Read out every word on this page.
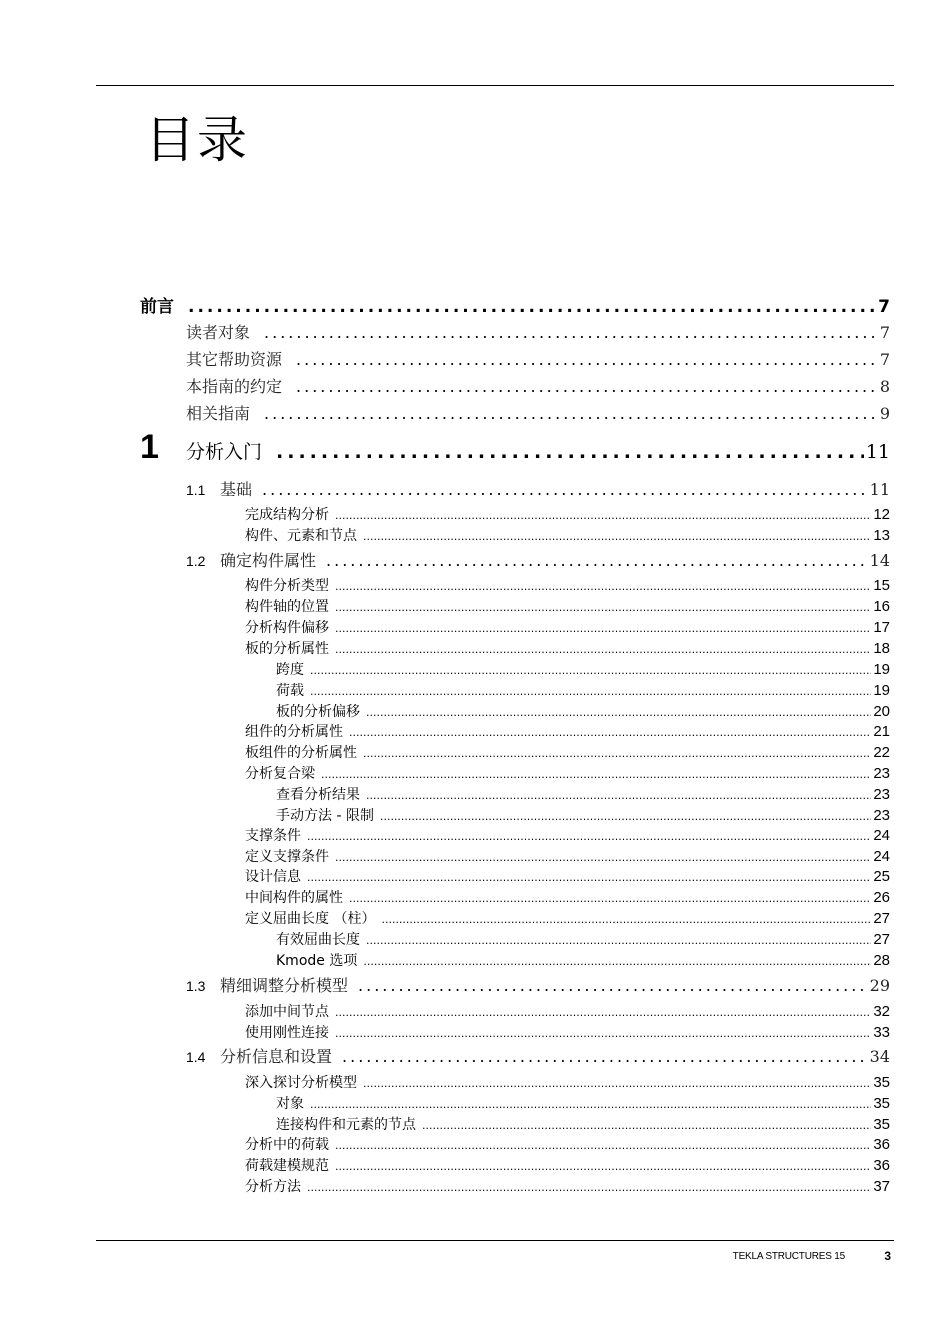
目录
前言 .....	7
读者对象 .....	7
其它帮助资源 .....	7
本指南的约定 .....	8
相关指南 .....	9
1	分析入门 .....	11
1.1 基础 .....	11
完成结构分析 .....	12
构件、元素和节点 .....	13
1.2 确定构件属性 .....	14
构件分析类型 .....	15
构件轴的位置 .....	16
分析构件偏移 .....	17
板的分析属性 .....	18
跨度 .....	19
荷载 .....	19
板的分析偏移 .....	20
组件的分析属性 .....	21
板组件的分析属性 .....	22
分析复合梁 .....	23
查看分析结果 .....	23
手动方法 - 限制 .....	23
支撑条件 .....	24
定义支撑条件 .....	24
设计信息 .....	25
中间构件的属性 .....	26
定义屈曲长度 （柱） .....	27
有效屈曲长度 .....	27
Kmode 选项 .....	28
1.3 精细调整分析模型 .....	29
添加中间节点 .....	32
使用刚性连接 .....	33
1.4 分析信息和设置 .....	34
深入探讨分析模型 .....	35
对象 .....	35
连接构件和元素的节点 .....	35
分析中的荷载 .....	36
荷载建模规范 .....	36
分析方法 .....	37
TEKLA STRUCTURES 15	3
